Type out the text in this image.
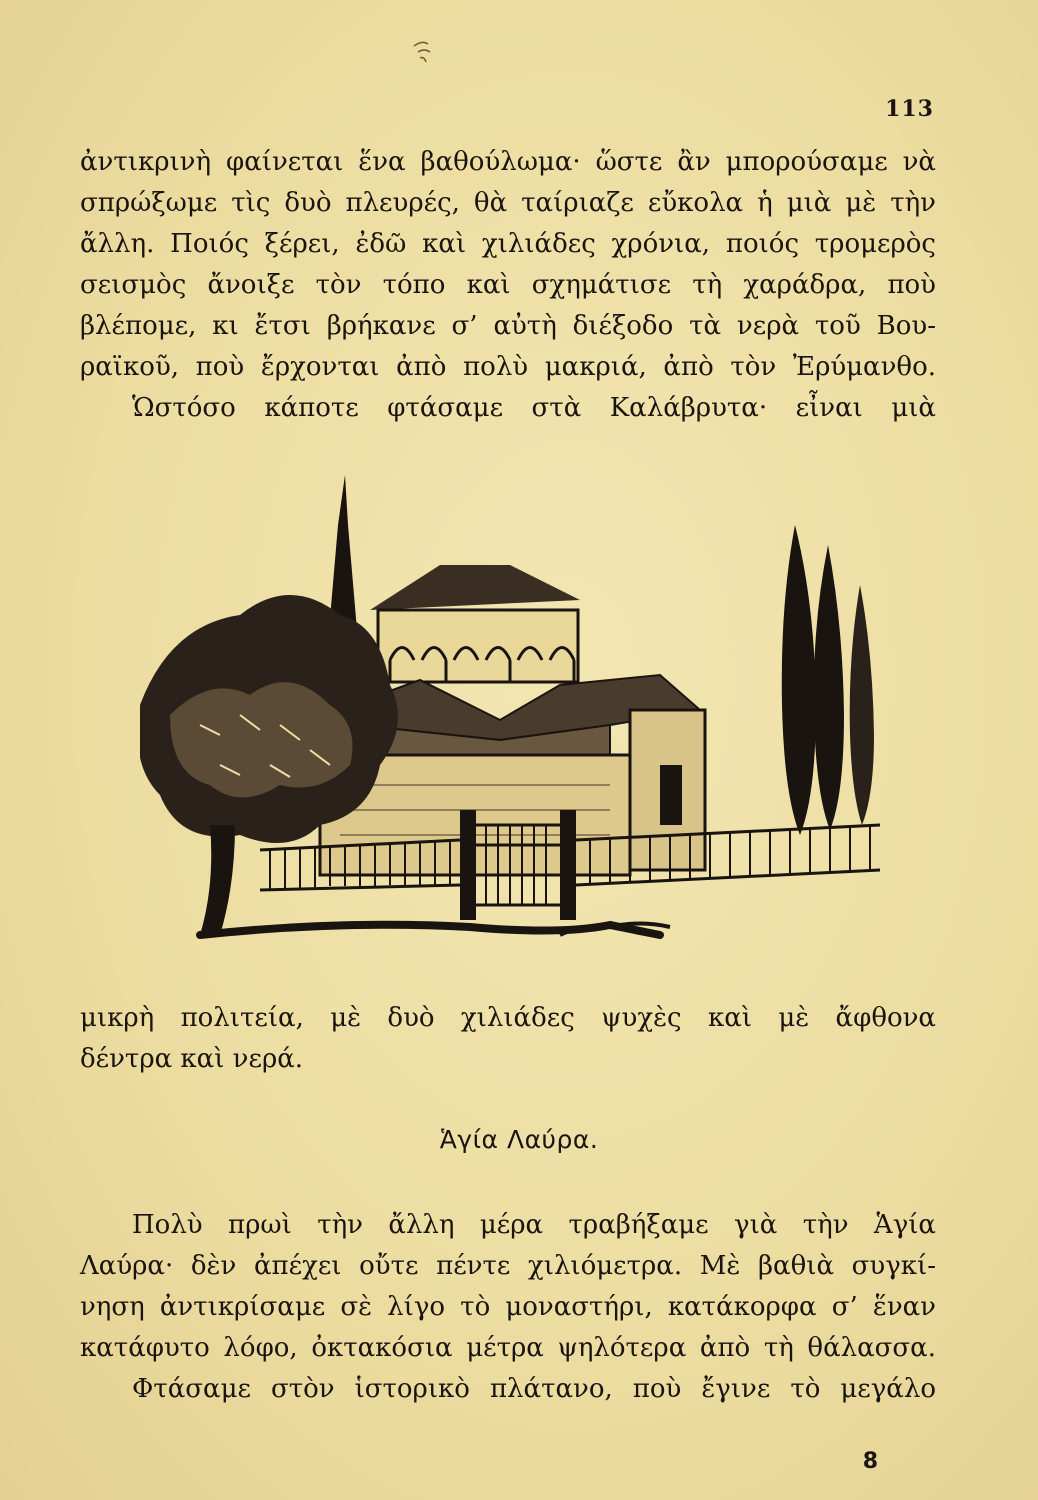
113
ἀντικρινὴ φαίνεται ἕνα βαθούλωμα· ὥστε ἂν μπορούσαμε νὰ
σπρώξωμε τὶς δυὸ πλευρές, θὰ ταίριαζε εὔκολα ἡ μιὰ μὲ τὴν
ἄλλη. Ποιός ξέρει, ἐδῶ καὶ χιλιάδες χρόνια, ποιός τρομερὸς
σεισμὸς ἄνοιξε τὸν τόπο καὶ σχημάτισε τὴ χαράδρα, ποὺ
βλέπομε, κι ἔτσι βρήκανε σ’ αὐτὴ διέξοδο τὰ νερὰ τοῦ Βου-
ραϊκοῦ, ποὺ ἔρχονται ἀπὸ πολὺ μακριά, ἀπὸ τὸν Ἐρύμανθο.
Ὡστόσο κάποτε φτάσαμε στὰ Καλάβρυτα· εἶναι μιὰ
μικρὴ πολιτεία, μὲ δυὸ χιλιάδες ψυχὲς καὶ μὲ ἄφθονα
δέντρα καὶ νερά.
Ἁγία Λαύρα.
Πολὺ πρωὶ τὴν ἄλλη μέρα τραβήξαμε γιὰ τὴν Ἁγία
Λαύρα· δὲν ἀπέχει οὔτε πέντε χιλιόμετρα. Μὲ βαθιὰ συγκί-
νηση ἀντικρίσαμε σὲ λίγο τὸ μοναστήρι, κατάκορφα σ’ ἕναν
κατάφυτο λόφο, ὀκτακόσια μέτρα ψηλότερα ἀπὸ τὴ θάλασσα.
Φτάσαμε στὸν ἱστορικὸ πλάτανο, ποὺ ἔγινε τὸ μεγάλο
8
